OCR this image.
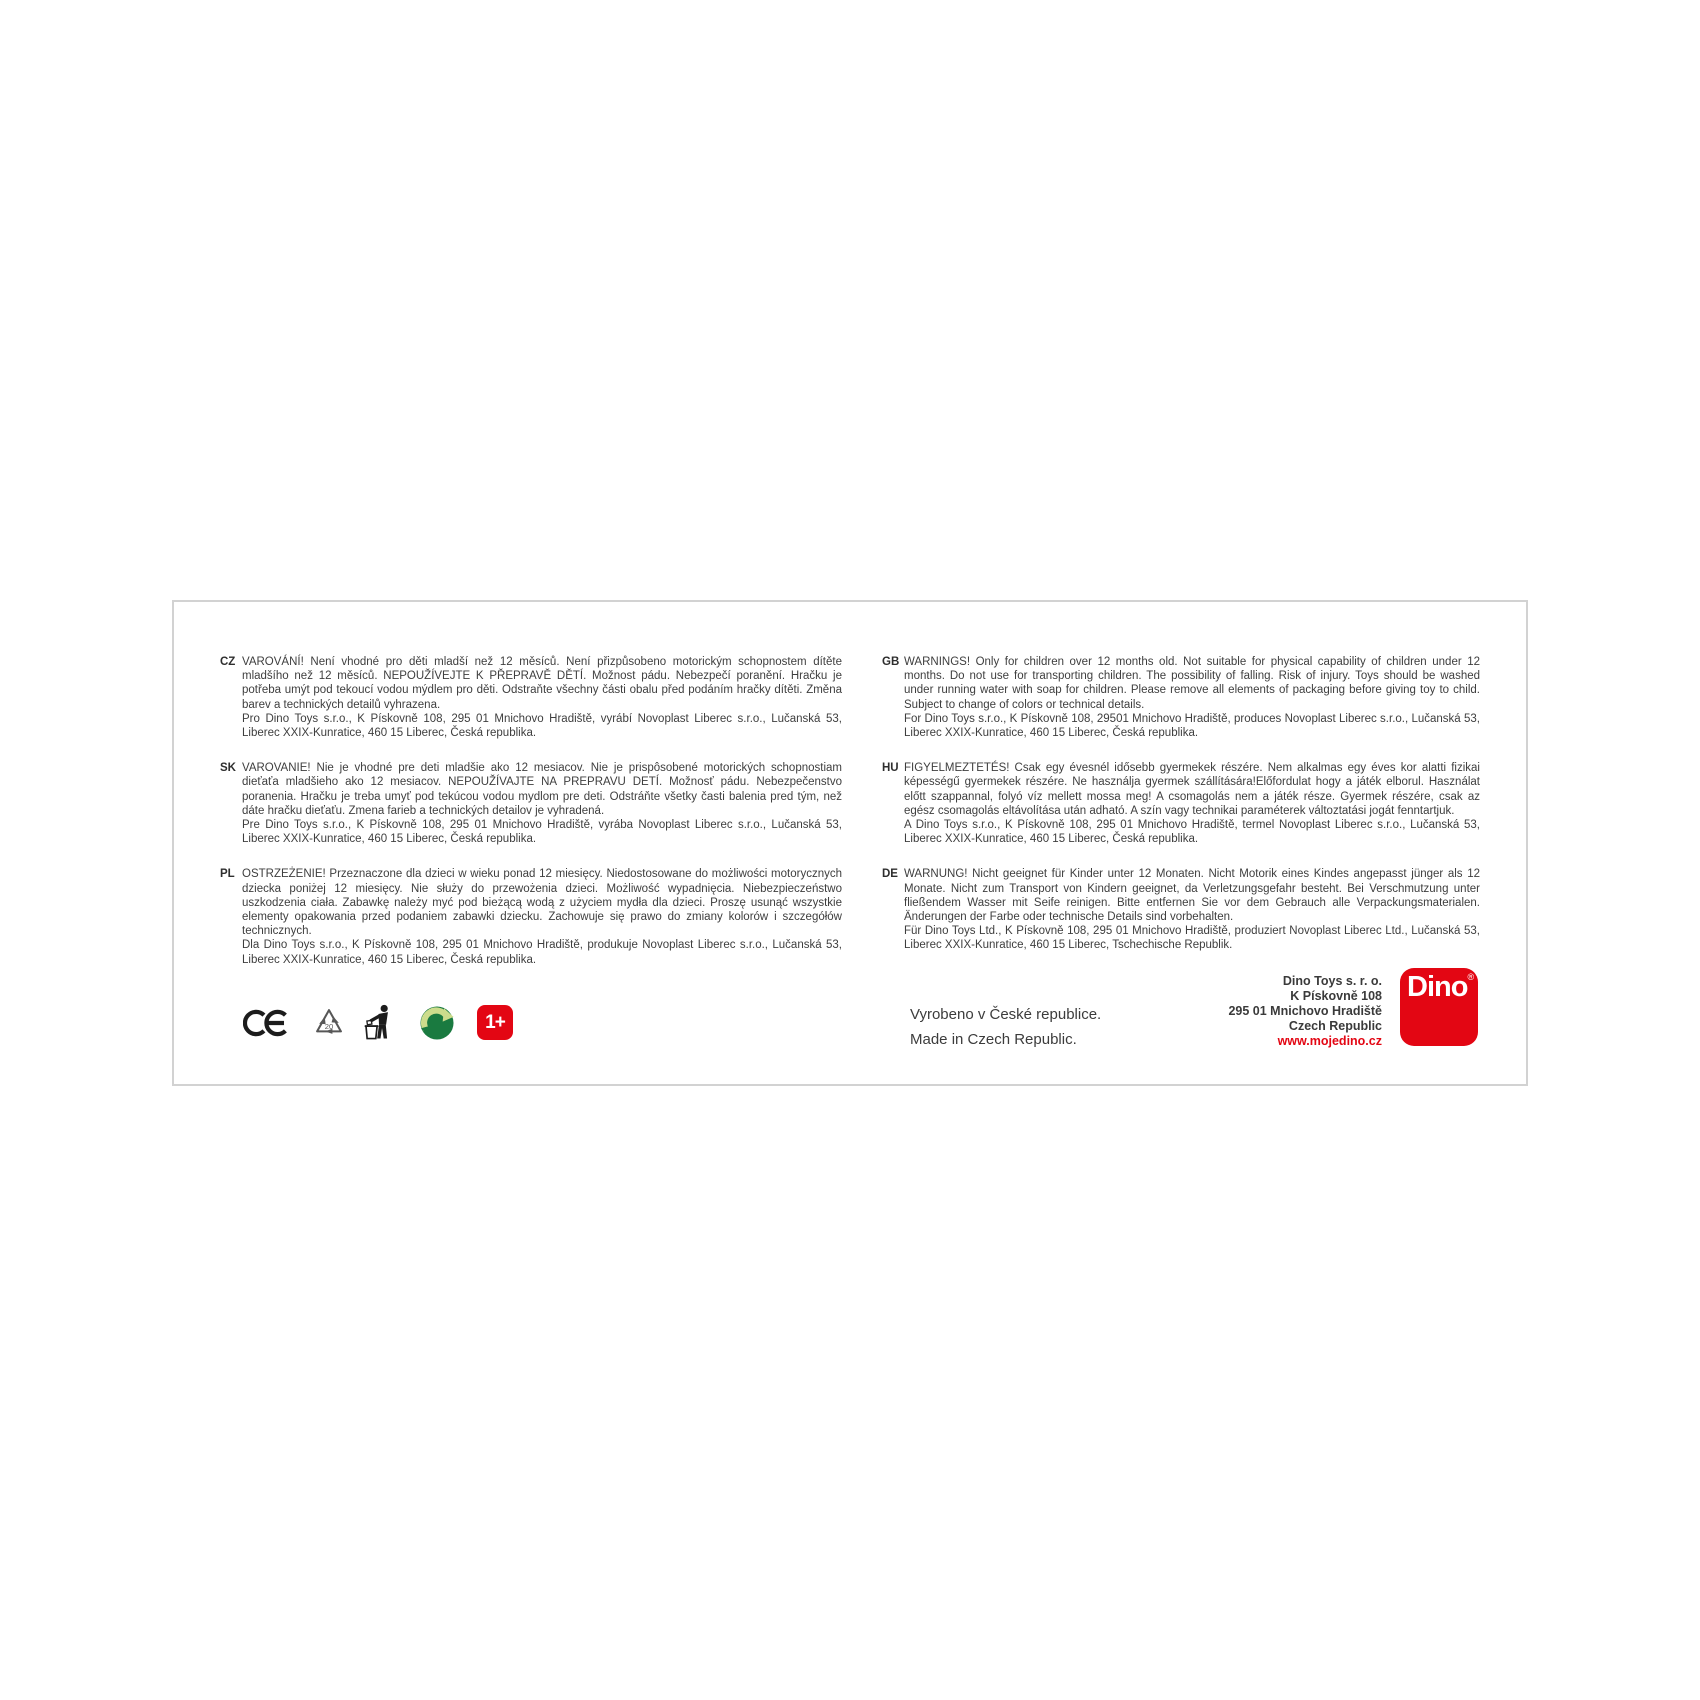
CZ VAROVÁNÍ! Není vhodné pro děti mladší než 12 měsíců. Není přizpůsobeno motorickým schopnostem dítěte mladšího než 12 měsíců. NEPOUŽÍVEJTE K PŘEPRAVĚ DĚTÍ. Možnost pádu. Nebezpečí poranění. Hračku je potřeba umýt pod tekoucí vodou mýdlem pro děti. Odstraňte všechny části obalu před podáním hračky dítěti. Změna barev a technických detailů vyhrazena.
Pro Dino Toys s.r.o., K Pískovně 108, 295 01 Mnichovo Hradiště, vyrábí Novoplast Liberec s.r.o., Lučanská 53, Liberec XXIX-Kunratice, 460 15 Liberec, Česká republika.
SK VAROVANIE! Nie je vhodné pre deti mladšie ako 12 mesiacov. Nie je prispôsobené motorických schopnostiam dieťaťa mladšieho ako 12 mesiacov. NEPOUŽÍVAJTE NA PREPRAVU DETÍ. Možnosť pádu. Nebezpečenstvo poranenia. Hračku je treba umyť pod tekúcou vodou mydlom pre deti. Odstráňte všetky časti balenia pred tým, než dáte hračku dieťaťu. Zmena farieb a technických detailov je vyhradená.
Pre Dino Toys s.r.o., K Pískovně 108, 295 01 Mnichovo Hradiště, vyrába Novoplast Liberec s.r.o., Lučanská 53, Liberec XXIX-Kunratice, 460 15 Liberec, Česká republika.
PL OSTRZEŻENIE! Przeznaczone dla dzieci w wieku ponad 12 miesięcy. Niedostosowane do możliwości motorycznych dziecka poniżej 12 miesięcy. Nie służy do przewożenia dzieci. Możliwość wypadnięcia. Niebezpieczeństwo uszkodzenia ciała. Zabawkę należy myć pod bieżącą wodą z użyciem mydła dla dzieci. Proszę usunąć wszystkie elementy opakowania przed podaniem zabawki dziecku. Zachowuje się prawo do zmiany kolorów i szczegółów technicznych.
Dla Dino Toys s.r.o., K Pískovně 108, 295 01 Mnichovo Hradiště, produkuje Novoplast Liberec s.r.o., Lučanská 53, Liberec XXIX-Kunratice, 460 15 Liberec, Česká republika.
GB WARNINGS! Only for children over 12 months old. Not suitable for physical capability of children under 12 months. Do not use for transporting children. The possibility of falling. Risk of injury. Toys should be washed under running water with soap for children. Please remove all elements of packaging before giving toy to child. Subject to change of colors or technical details.
For Dino Toys s.r.o., K Pískovně 108, 29501 Mnichovo Hradiště, produces Novoplast Liberec s.r.o., Lučanská 53, Liberec XXIX-Kunratice, 460 15 Liberec, Česká republika.
HU FIGYELMEZTETÉS! Csak egy évesnél idősebb gyermekek részére. Nem alkalmas egy éves kor alatti fizikai képességű gyermekek részére. Ne használja gyermek szállítására!Előfordulat hogy a játék elborul. Használat előtt szappannal, folyó víz mellett mossa meg! A csomagolás nem a játék része. Gyermek részére, csak az egész csomagolás eltávolítása után adható. A szín vagy technikai paraméterek változtatási jogát fenntartjuk.
A Dino Toys s.r.o., K Pískovně 108, 295 01 Mnichovo Hradiště, termel Novoplast Liberec s.r.o., Lučanská 53, Liberec XXIX-Kunratice, 460 15 Liberec, Česká republika.
DE WARNUNG! Nicht geeignet für Kinder unter 12 Monaten. Nicht Motorik eines Kindes angepasst jünger als 12 Monate. Nicht zum Transport von Kindern geeignet, da Verletzungsgefahr besteht. Bei Verschmutzung unter fließendem Wasser mit Seife reinigen. Bitte entfernen Sie vor dem Gebrauch alle Verpackungsmaterialen. Änderungen der Farbe oder technische Details sind vorbehalten.
Für Dino Toys Ltd., K Pískovně 108, 295 01 Mnichovo Hradiště, produziert Novoplast Liberec Ltd., Lučanská 53, Liberec XXIX-Kunratice, 460 15 Liberec, Tschechische Republik.
20	1+	Vyrobeno v České republice.
Made in Czech Republic.
Dino Toys s. r. o.
K Pískovně 108
295 01 Mnichovo Hradiště
Czech Republic
www.mojedino.cz
Dino®
